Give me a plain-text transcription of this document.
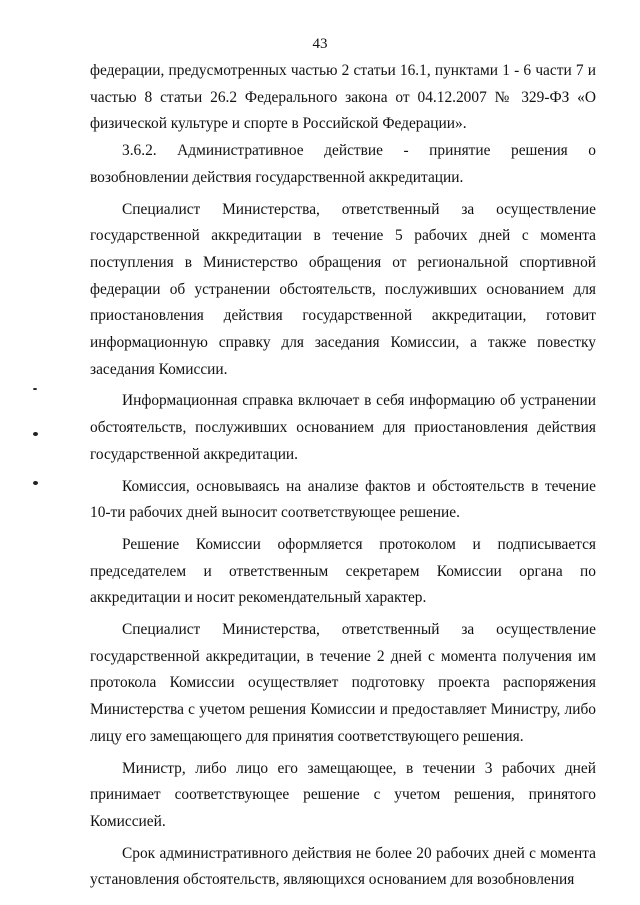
43

федерации, предусмотренных частью 2 статьи 16.1, пунктами 1 - 6 части 7 и частью 8 статьи 26.2 Федерального закона от 04.12.2007 № 329-ФЗ «О физической культуре и спорте в Российской Федерации».

3.6.2. Административное действие - принятие решения о возобновлении действия государственной аккредитации.

Специалист Министерства, ответственный за осуществление государственной аккредитации в течение 5 рабочих дней с момента поступления в Министерство обращения от региональной спортивной федерации об устранении обстоятельств, послуживших основанием для приостановления действия государственной аккредитации, готовит информационную справку для заседания Комиссии, а также повестку заседания Комиссии.

Информационная справка включает в себя информацию об устранении обстоятельств, послуживших основанием для приостановления действия государственной аккредитации.

Комиссия, основываясь на анализе фактов и обстоятельств в течение 10-ти рабочих дней выносит соответствующее решение.

Решение Комиссии оформляется протоколом и подписывается председателем и ответственным секретарем Комиссии органа по аккредитации и носит рекомендательный характер.

Специалист Министерства, ответственный за осуществление государственной аккредитации, в течение 2 дней с момента получения им протокола Комиссии осуществляет подготовку проекта распоряжения Министерства с учетом решения Комиссии и предоставляет Министру, либо лицу его замещающего для принятия соответствующего решения.

Министр, либо лицо его замещающее, в течении 3 рабочих дней принимает соответствующее решение с учетом решения, принятого Комиссией.

Срок административного действия не более 20 рабочих дней с момента установления обстоятельств, являющихся основанием для возобновления
